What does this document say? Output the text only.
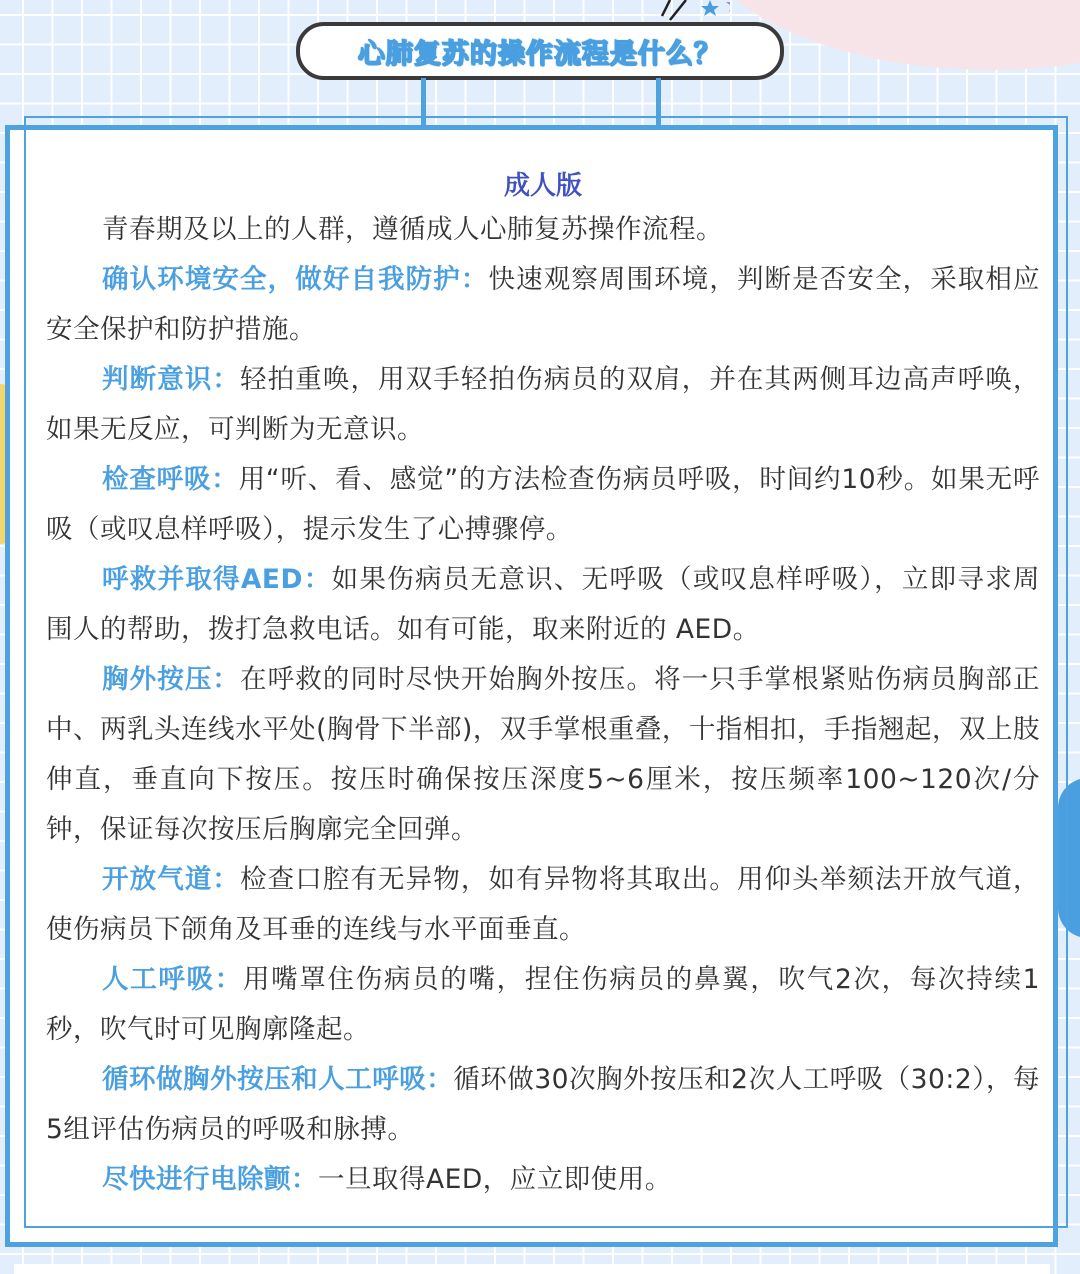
心肺复苏的操作流程是什么？
成人版

青春期及以上的人群，遵循成人心肺复苏操作流程。

确认环境安全，做好自我防护：快速观察周围环境，判断是否安全，采取相应安全保护和防护措施。

判断意识：轻拍重唤，用双手轻拍伤病员的双肩，并在其两侧耳边高声呼唤，如果无反应，可判断为无意识。

检查呼吸：用“听、看、感觉”的方法检查伤病员呼吸，时间约10秒。如果无呼吸（或叹息样呼吸），提示发生了心搏骤停。

呼救并取得AED：如果伤病员无意识、无呼吸（或叹息样呼吸），立即寻求周围人的帮助，拨打急救电话。如有可能，取来附近的 AED。

胸外按压：在呼救的同时尽快开始胸外按压。将一只手掌根紧贴伤病员胸部正中、两乳头连线水平处(胸骨下半部)，双手掌根重叠，十指相扣，手指翘起，双上肢伸直，垂直向下按压。按压时确保按压深度5~6厘米，按压频率100~120次/分钟，保证每次按压后胸廓完全回弹。

开放气道：检查口腔有无异物，如有异物将其取出。用仰头举颏法开放气道，使伤病员下颌角及耳垂的连线与水平面垂直。

人工呼吸：用嘴罩住伤病员的嘴，捏住伤病员的鼻翼，吹气2次，每次持续1秒，吹气时可见胸廓隆起。

循环做胸外按压和人工呼吸：循环做30次胸外按压和2次人工呼吸（30:2），每5组评估伤病员的呼吸和脉搏。

尽快进行电除颤：一旦取得AED，应立即使用。
